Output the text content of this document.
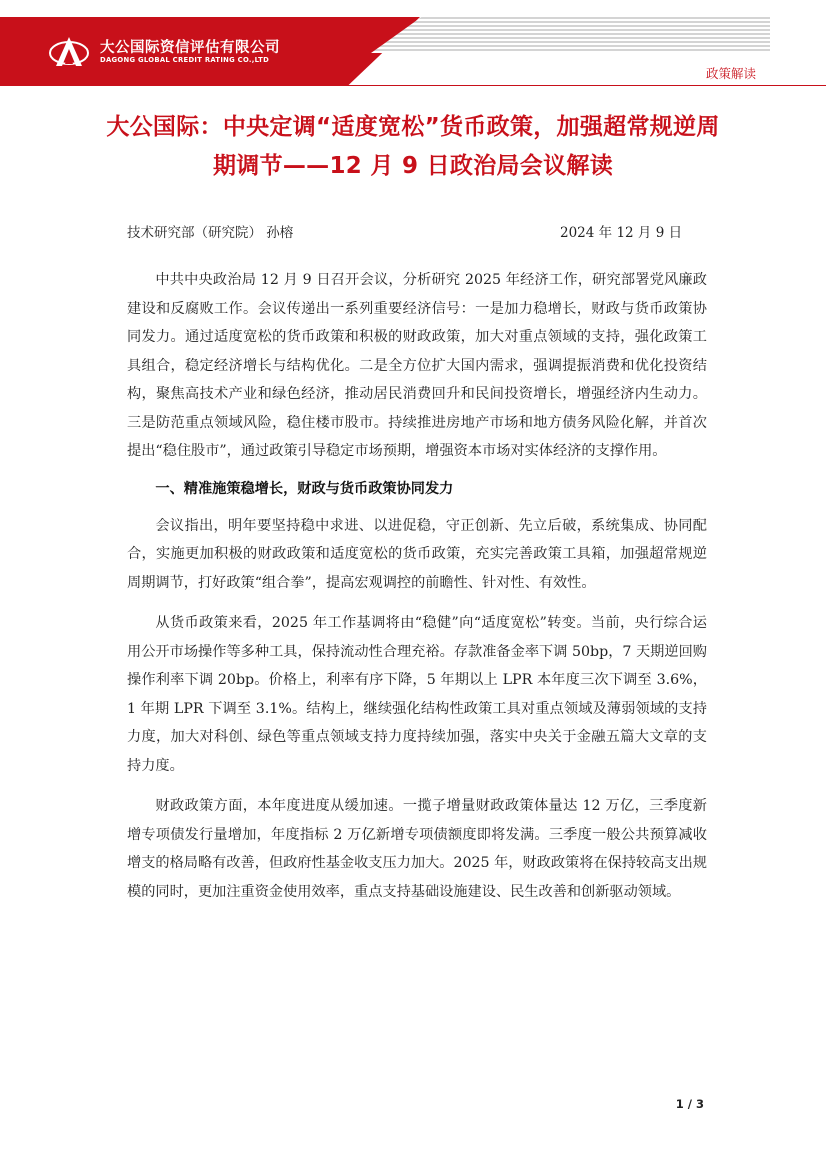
大公国际资信评估有限公司
DAGONG GLOBAL CREDIT RATING CO.,LTD
政策解读
大公国际：中央定调“适度宽松”货币政策，加强超常规逆周期调节——12 月 9 日政治局会议解读
技术研究部（研究院） 孙榕	2024 年 12 月 9 日

中共中央政治局 12 月 9 日召开会议，分析研究 2025 年经济工作，研究部署党风廉政建设和反腐败工作。会议传递出一系列重要经济信号：一是加力稳增长，财政与货币政策协同发力。通过适度宽松的货币政策和积极的财政政策，加大对重点领域的支持，强化政策工具组合，稳定经济增长与结构优化。二是全方位扩大国内需求，强调提振消费和优化投资结构，聚焦高技术产业和绿色经济，推动居民消费回升和民间投资增长，增强经济内生动力。三是防范重点领域风险，稳住楼市股市。持续推进房地产市场和地方债务风险化解，并首次提出“稳住股市”，通过政策引导稳定市场预期，增强资本市场对实体经济的支撑作用。

一、精准施策稳增长，财政与货币政策协同发力

会议指出，明年要坚持稳中求进、以进促稳，守正创新、先立后破，系统集成、协同配合，实施更加积极的财政政策和适度宽松的货币政策，充实完善政策工具箱，加强超常规逆周期调节，打好政策“组合拳”，提高宏观调控的前瞻性、针对性、有效性。

从货币政策来看，2025 年工作基调将由“稳健”向“适度宽松”转变。当前，央行综合运用公开市场操作等多种工具，保持流动性合理充裕。存款准备金率下调 50bp，7 天期逆回购操作利率下调 20bp。价格上，利率有序下降，5 年期以上 LPR 本年度三次下调至 3.6%，1 年期 LPR 下调至 3.1%。结构上，继续强化结构性政策工具对重点领域及薄弱领域的支持力度，加大对科创、绿色等重点领域支持力度持续加强，落实中央关于金融五篇大文章的支持力度。

财政政策方面，本年度进度从缓加速。一揽子增量财政政策体量达 12 万亿，三季度新增专项债发行量增加，年度指标 2 万亿新增专项债额度即将发满。三季度一般公共预算减收增支的格局略有改善，但政府性基金收支压力加大。2025 年，财政政策将在保持较高支出规模的同时，更加注重资金使用效率，重点支持基础设施建设、民生改善和创新驱动领域。

1 / 3
